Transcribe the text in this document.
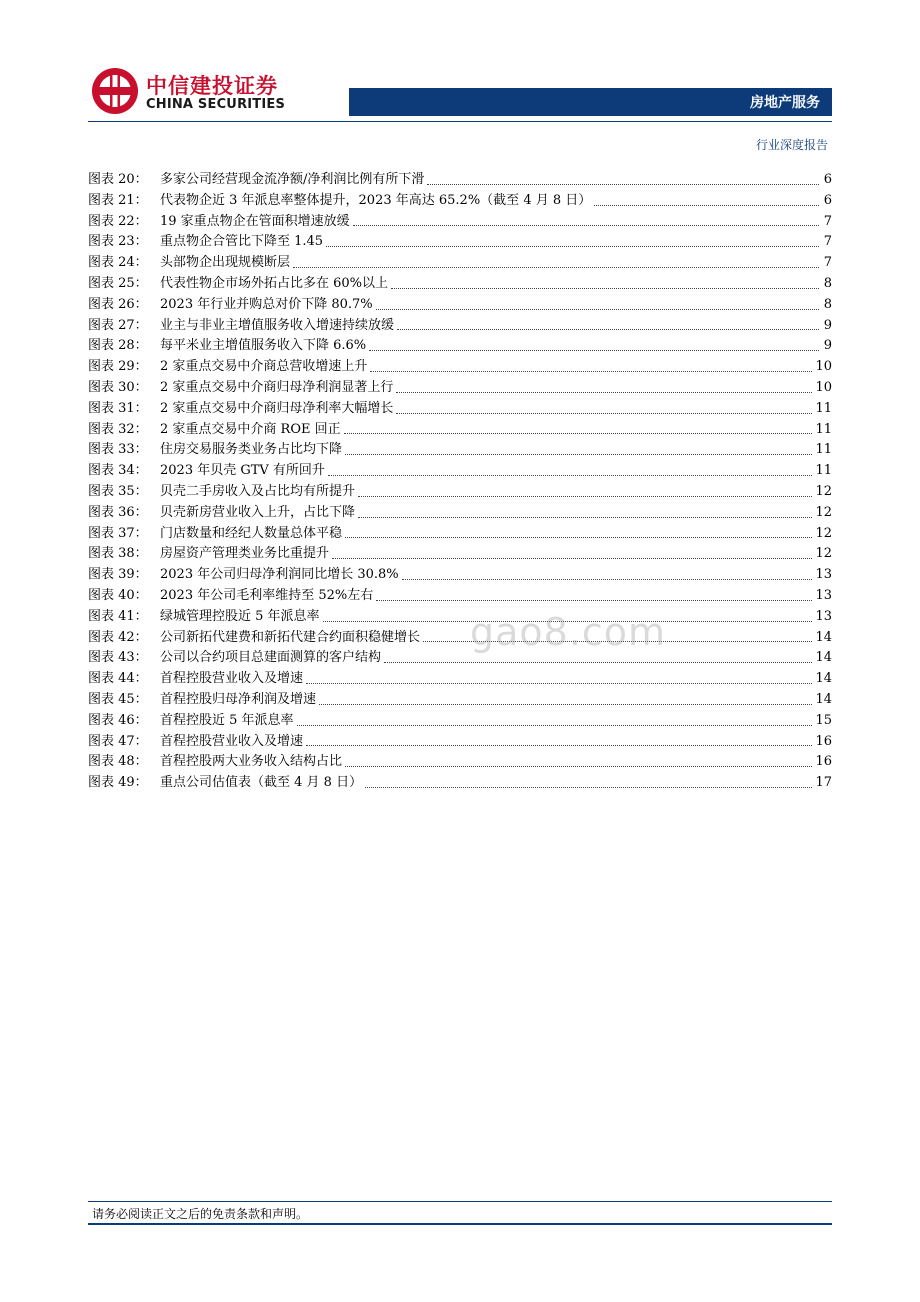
中信建投证券
CHINA SECURITIES	房地产服务
行业深度报告
图表 20： 多家公司经营现金流净额/净利润比例有所下滑	6
图表 21： 代表物企近 3 年派息率整体提升，2023 年高达 65.2%（截至 4 月 8 日）	6
图表 22： 19 家重点物企在管面积增速放缓	7
图表 23： 重点物企合管比下降至 1.45	7
图表 24： 头部物企出现规模断层	7
图表 25： 代表性物企市场外拓占比多在 60%以上	8
图表 26： 2023 年行业并购总对价下降 80.7%	8
图表 27： 业主与非业主增值服务收入增速持续放缓	9
图表 28： 每平米业主增值服务收入下降 6.6%	9
图表 29： 2 家重点交易中介商总营收增速上升	10
图表 30： 2 家重点交易中介商归母净利润显著上行	10
图表 31： 2 家重点交易中介商归母净利率大幅增长	11
图表 32： 2 家重点交易中介商 ROE 回正	11
图表 33： 住房交易服务类业务占比均下降	11
图表 34： 2023 年贝壳 GTV 有所回升	11
图表 35： 贝壳二手房收入及占比均有所提升	12
图表 36： 贝壳新房营业收入上升，占比下降	12
图表 37： 门店数量和经纪人数量总体平稳	12
图表 38： 房屋资产管理类业务比重提升	12
图表 39： 2023 年公司归母净利润同比增长 30.8%	13
图表 40： 2023 年公司毛利率维持至 52%左右	13
图表 41： 绿城管理控股近 5 年派息率	13
图表 42： 公司新拓代建费和新拓代建合约面积稳健增长	14
图表 43： 公司以合约项目总建面测算的客户结构	14
图表 44： 首程控股营业收入及增速	14
图表 45： 首程控股归母净利润及增速	14
图表 46： 首程控股近 5 年派息率	15
图表 47： 首程控股营业收入及增速	16
图表 48： 首程控股两大业务收入结构占比	16
图表 49： 重点公司估值表（截至 4 月 8 日）	17
gao8.com
请务必阅读正文之后的免责条款和声明。
